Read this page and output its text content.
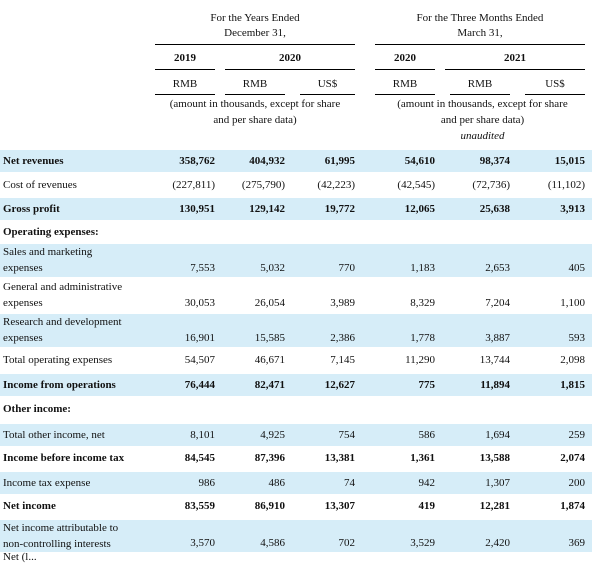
For the Years Ended
December 31,
For the Three Months Ended
March 31,
2019	2020	2020	2021
RMB	RMB	US$	RMB	RMB	US$
(amount in thousands, except for share
and per share data)
(amount in thousands, except for share
and per share data)
unaudited
Net revenues	358,762	404,932	61,995	54,610	98,374	15,015
Cost of revenues	(227,811)	(275,790)	(42,223)	(42,545)	(72,736)	(11,102)
Gross profit	130,951	129,142	19,772	12,065	25,638	3,913
Operating expenses:
Sales and marketing
expenses	7,553	5,032	770	1,183	2,653	405
General and administrative
expenses	30,053	26,054	3,989	8,329	7,204	1,100
Research and development
expenses	16,901	15,585	2,386	1,778	3,887	593
Total operating expenses	54,507	46,671	7,145	11,290	13,744	2,098
Income from operations	76,444	82,471	12,627	775	11,894	1,815
Other income:
Total other income, net	8,101	4,925	754	586	1,694	259
Income before income tax	84,545	87,396	13,381	1,361	13,588	2,074
Income tax expense	986	486	74	942	1,307	200
Net income	83,559	86,910	13,307	419	12,281	1,874
Net income attributable to
non-controlling interests	3,570	4,586	702	3,529	2,420	369
Net (l...
